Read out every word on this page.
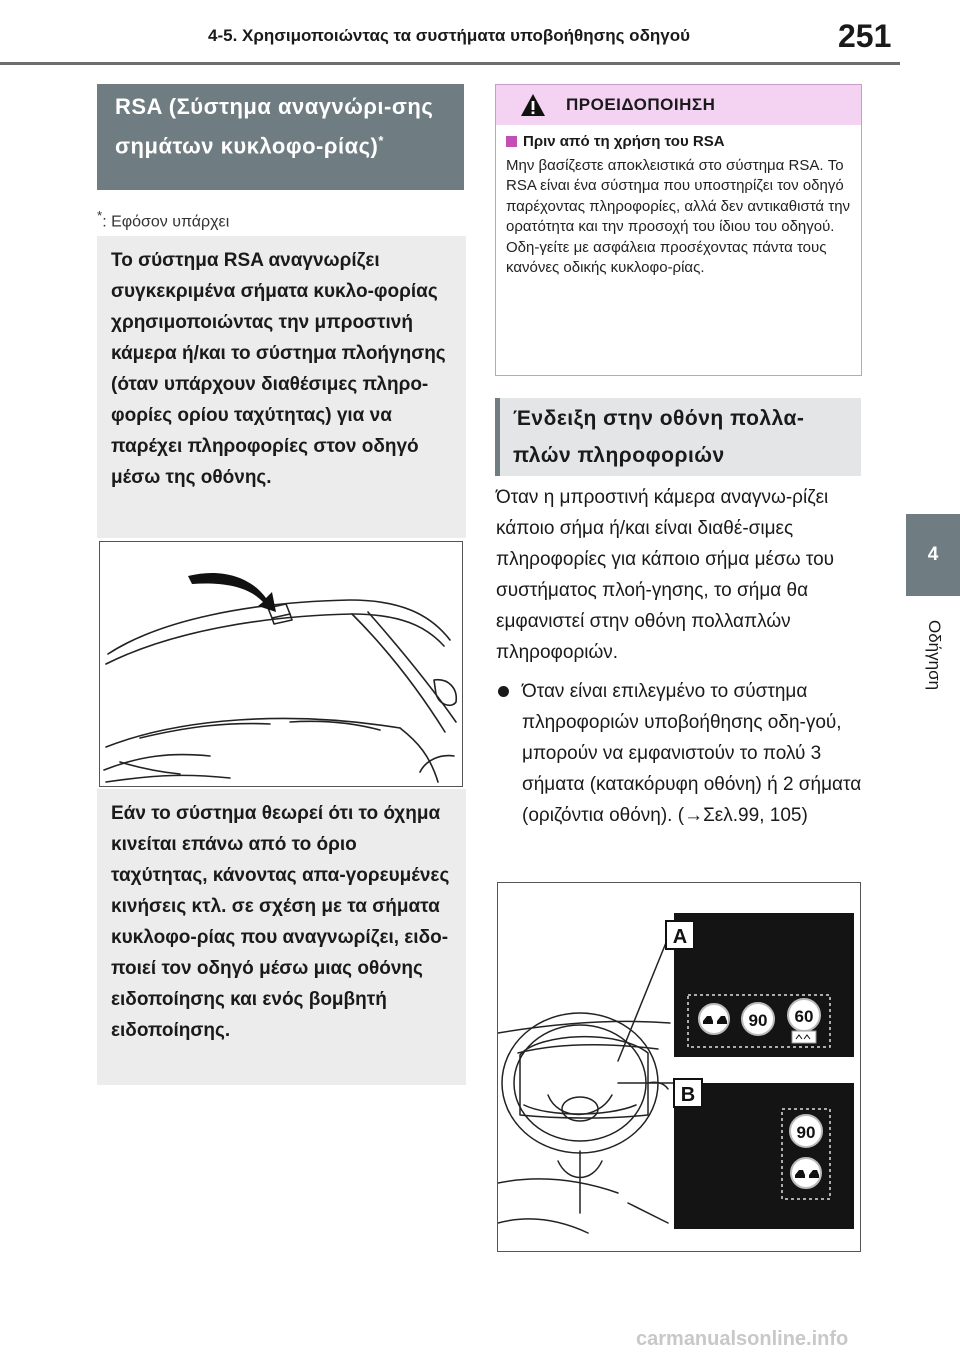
4-5. Χρησιμοποιώντας τα συστήματα υποβοήθησης οδηγού	251
4
Οδήγηση
RSA (Σύστημα αναγνώρι-σης σημάτων κυκλοφο-ρίας)*
*: Εφόσον υπάρχει
Το σύστημα RSA αναγνωρίζει συγκεκριμένα σήματα κυκλο-φορίας χρησιμοποιώντας την μπροστινή κάμερα ή/και το σύστημα πλοήγησης (όταν υπάρχουν διαθέσιμες πληρο-φορίες ορίου ταχύτητας) για να παρέχει πληροφορίες στον οδηγό μέσω της οθόνης.
Εάν το σύστημα θεωρεί ότι το όχημα κινείται επάνω από το όριο ταχύτητας, κάνοντας απα-γορευμένες κινήσεις κτλ. σε σχέση με τα σήματα κυκλοφο-ρίας που αναγνωρίζει, ειδο-ποιεί τον οδηγό μέσω μιας οθόνης ειδοποίησης και ενός βομβητή ειδοποίησης.
ΠΡΟΕΙΔΟΠΟΙΗΣΗ
Πριν από τη χρήση του RSA
Μην βασίζεστε αποκλειστικά στο σύστημα RSA. Το RSA είναι ένα σύστημα που υποστηρίζει τον οδηγό παρέχοντας πληροφορίες, αλλά δεν αντικαθιστά την ορατότητα και την προσοχή του ίδιου του οδηγού. Οδη-γείτε με ασφάλεια προσέχοντας πάντα τους κανόνες οδικής κυκλοφο-ρίας.
Ένδειξη στην οθόνη πολλα-πλών πληροφοριών
Όταν η μπροστινή κάμερα αναγνω-ρίζει κάποιο σήμα ή/και είναι διαθέ-σιμες πληροφορίες για κάποιο σήμα μέσω του συστήματος πλοή-γησης, το σήμα θα εμφανιστεί στην οθόνη πολλαπλών πληροφοριών.
Όταν είναι επιλεγμένο το σύστημα πληροφοριών υποβοήθησης οδη-γού, μπορούν να εμφανιστούν το πολύ 3 σήματα (κατακόρυφη οθόνη) ή 2 σήματα (οριζόντια οθόνη). (→Σελ.99, 105)
A
90 60
B
90
carmanualsonline.info
